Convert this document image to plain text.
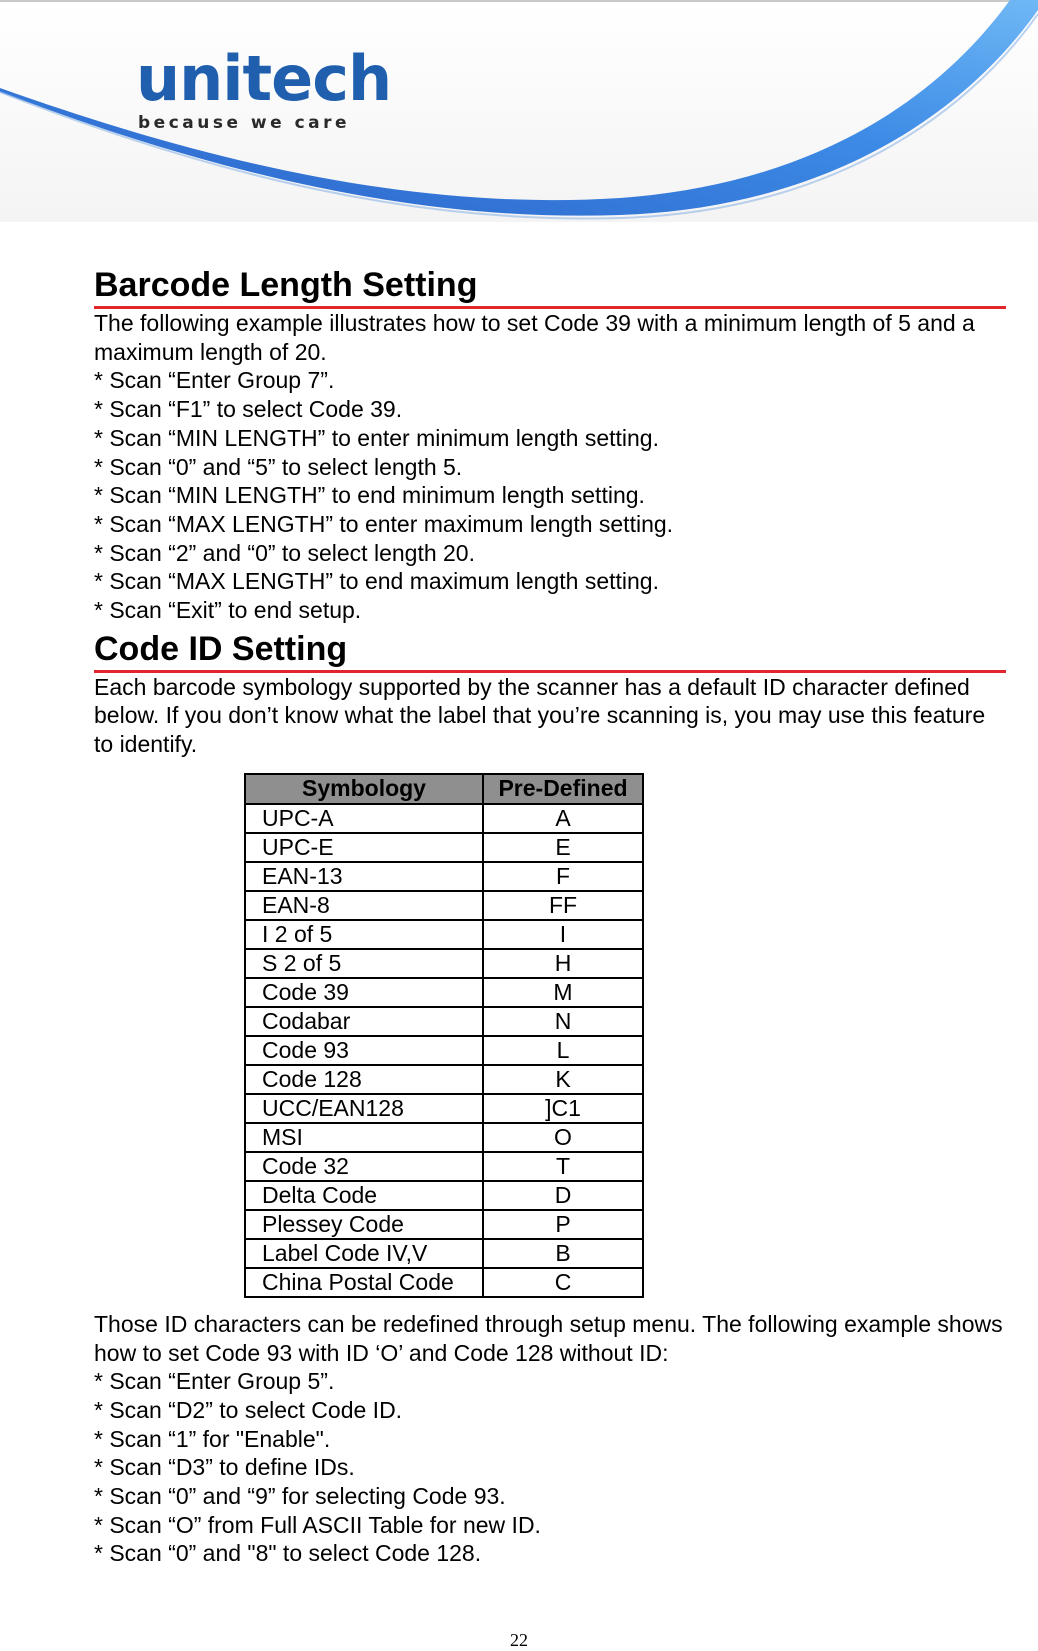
unitech
because we care
Barcode Length Setting

The following example illustrates how to set Code 39 with a minimum length of 5 and a maximum length of 20.

* Scan “Enter Group 7”.
* Scan “F1” to select Code 39.
* Scan “MIN LENGTH” to enter minimum length setting.
* Scan “0” and “5” to select length 5.
* Scan “MIN LENGTH” to end minimum length setting.
* Scan “MAX LENGTH” to enter maximum length setting.
* Scan “2” and “0” to select length 20.
* Scan “MAX LENGTH” to end maximum length setting.
* Scan “Exit” to end setup.
Code ID Setting

Each barcode symbology supported by the scanner has a default ID character defined below. If you don’t know what the label that you’re scanning is, you may use this feature to identify.

Symbology	Pre-Defined
UPC-A	A
UPC-E	E
EAN-13	F
EAN-8	FF
I 2 of 5	I
S 2 of 5	H
Code 39	M
Codabar	N
Code 93	L
Code 128	K
UCC/EAN128	]C1
MSI	O
Code 32	T
Delta Code	D
Plessey Code	P
Label Code IV,V	B
China Postal Code	C

Those ID characters can be redefined through setup menu. The following example shows how to set Code 93 with ID ‘O’ and Code 128 without ID:

* Scan “Enter Group 5”.
* Scan “D2” to select Code ID.
* Scan “1” for "Enable".
* Scan “D3” to define IDs.
* Scan “0” and “9” for selecting Code 93.
* Scan “O” from Full ASCII Table for new ID.
* Scan “0” and "8" to select Code 128.
22
